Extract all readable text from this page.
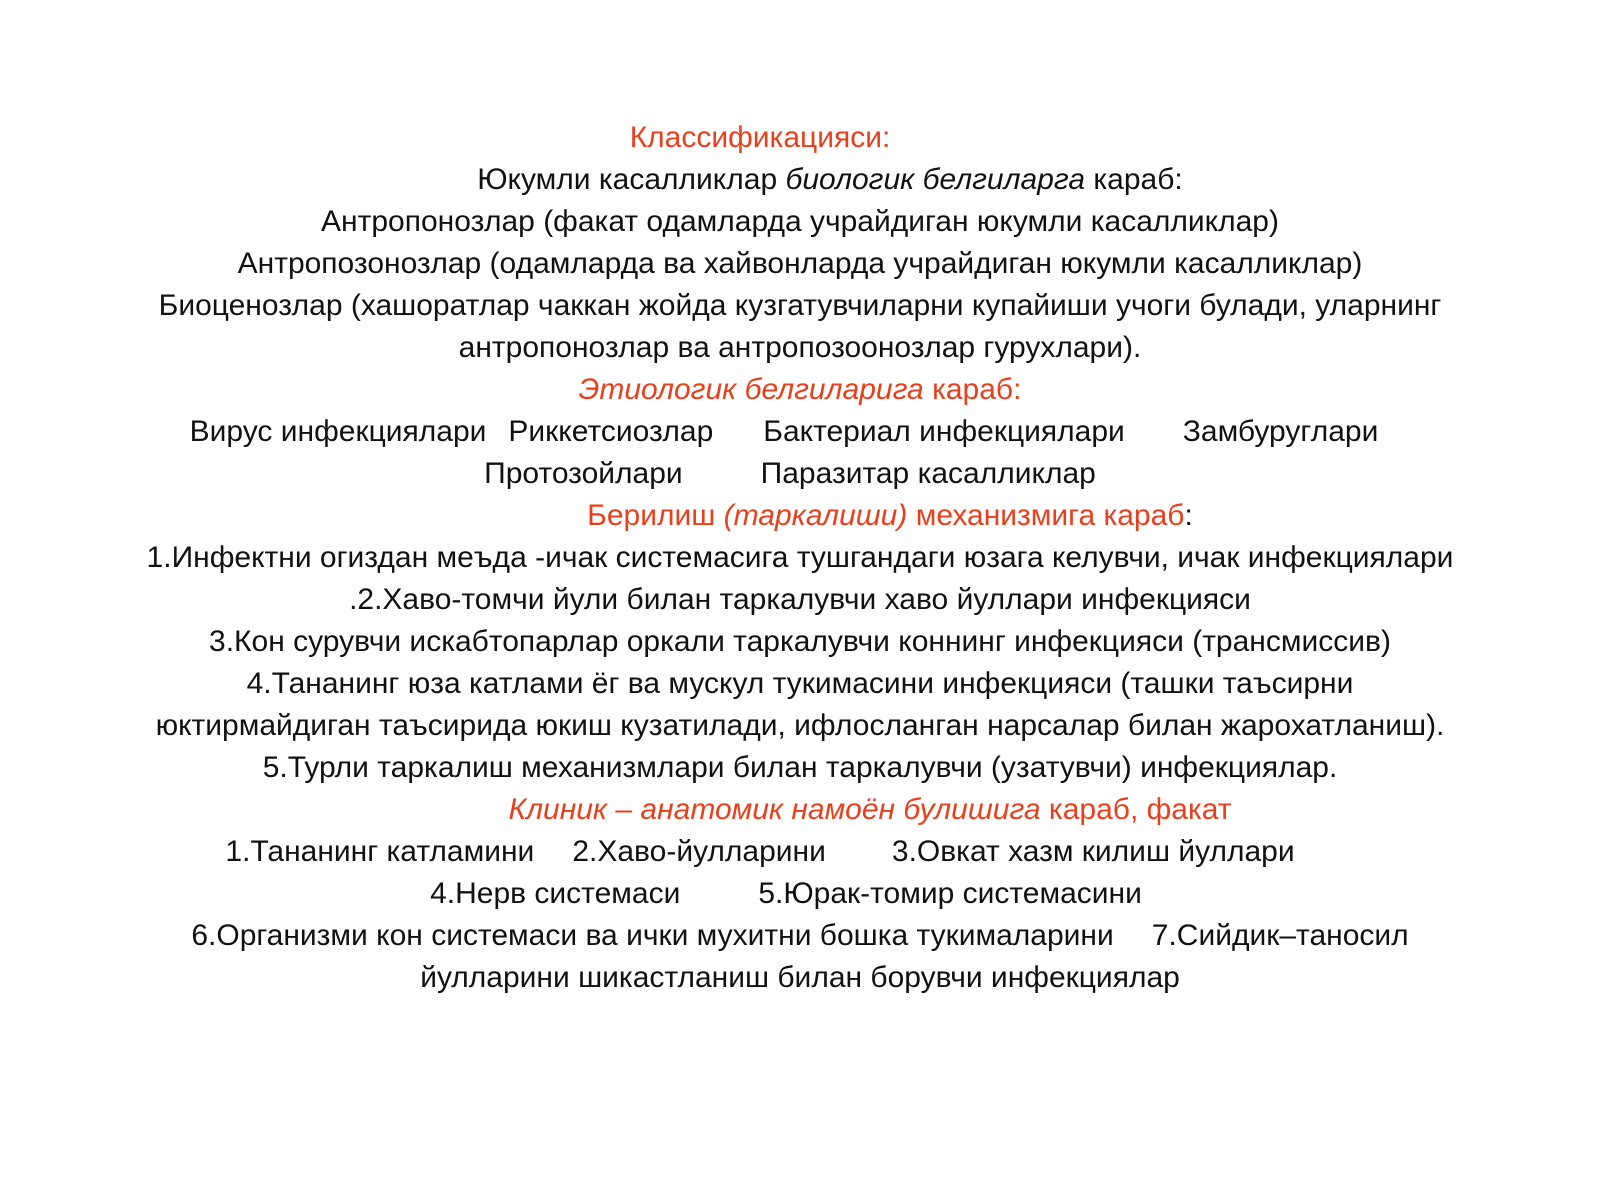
Классификацияси:
Юкумли касалликлар биологик белгиларга караб:
Антропонозлар (факат одамларда учрайдиган юкумли касалликлар)
Антропозонозлар (одамларда ва хайвонларда учрайдиган юкумли касалликлар)
Биоценозлар (хашоратлар чаккан жойда кузгатувчиларни купайиши учоги булади, уларнинг
антропонозлар ва антропозоонозлар гурухлари).
Этиологик белгиларига караб:
Вирус инфекциялари Риккетсиозлар Бактериал инфекциялари Замбуруглари
Протозойлари	Паразитар касалликлар
Берилиш (таркалиши) механизмига караб:
1.Инфектни огиздан меъда -ичак системасига тушгандаги юзага келувчи, ичак инфекциялари
.2.Хаво-томчи йули билан таркалувчи хаво йуллари инфекцияси
3.Кон сурувчи искабтопарлар оркали таркалувчи коннинг инфекцияси (трансмиссив)
4.Тананинг юза катлами ёг ва мускул тукимасини инфекцияси (ташки таъсирни
юктирмайдиган таъсирида юкиш кузатилади, ифлосланган нарсалар билан жарохатланиш).
5.Турли таркалиш механизмлари билан таркалувчи (узатувчи) инфекциялар.
Клиник – анатомик намоён булишига караб, факат
1.Тананинг катламини 2.Хаво-йулларини 3.Овкат хазм килиш йуллари
4.Нерв системаси	5.Юрак-томир системасини
6.Организми кон системаси ва ички мухитни бошка тукималарини 7.Сийдик–таносил
йулларини шикастланиш билан борувчи инфекциялар
